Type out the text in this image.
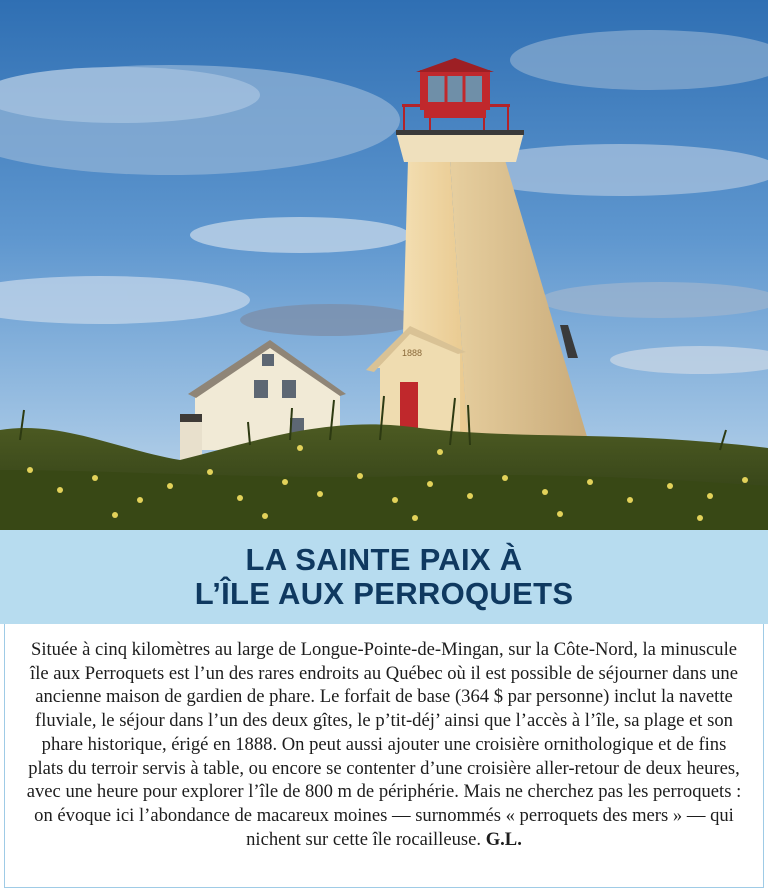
1888
LA SAINTE PAIX À
L’ÎLE AUX PERROQUETS

Située à cinq kilomètres au large de Longue-Pointe-de-Mingan, sur la Côte-Nord, la minuscule île aux Perroquets est l’un des rares endroits au Québec où il est possible de séjourner dans une ancienne maison de gardien de phare. Le forfait de base (364 $ par personne) inclut la navette fluviale, le séjour dans l’un des deux gîtes, le p’tit-déj’ ainsi que l’accès à l’île, sa plage et son phare historique, érigé en 1888. On peut aussi ajouter une croisière ornithologique et de fins plats du terroir servis à table, ou encore se contenter d’une croisière aller-retour de deux heures, avec une heure pour explorer l’île de 800 m de périphérie. Mais ne cherchez pas les perroquets : on évoque ici l’abondance de macareux moines — surnommés « perroquets des mers » — qui nichent sur cette île rocailleuse. G.L.
